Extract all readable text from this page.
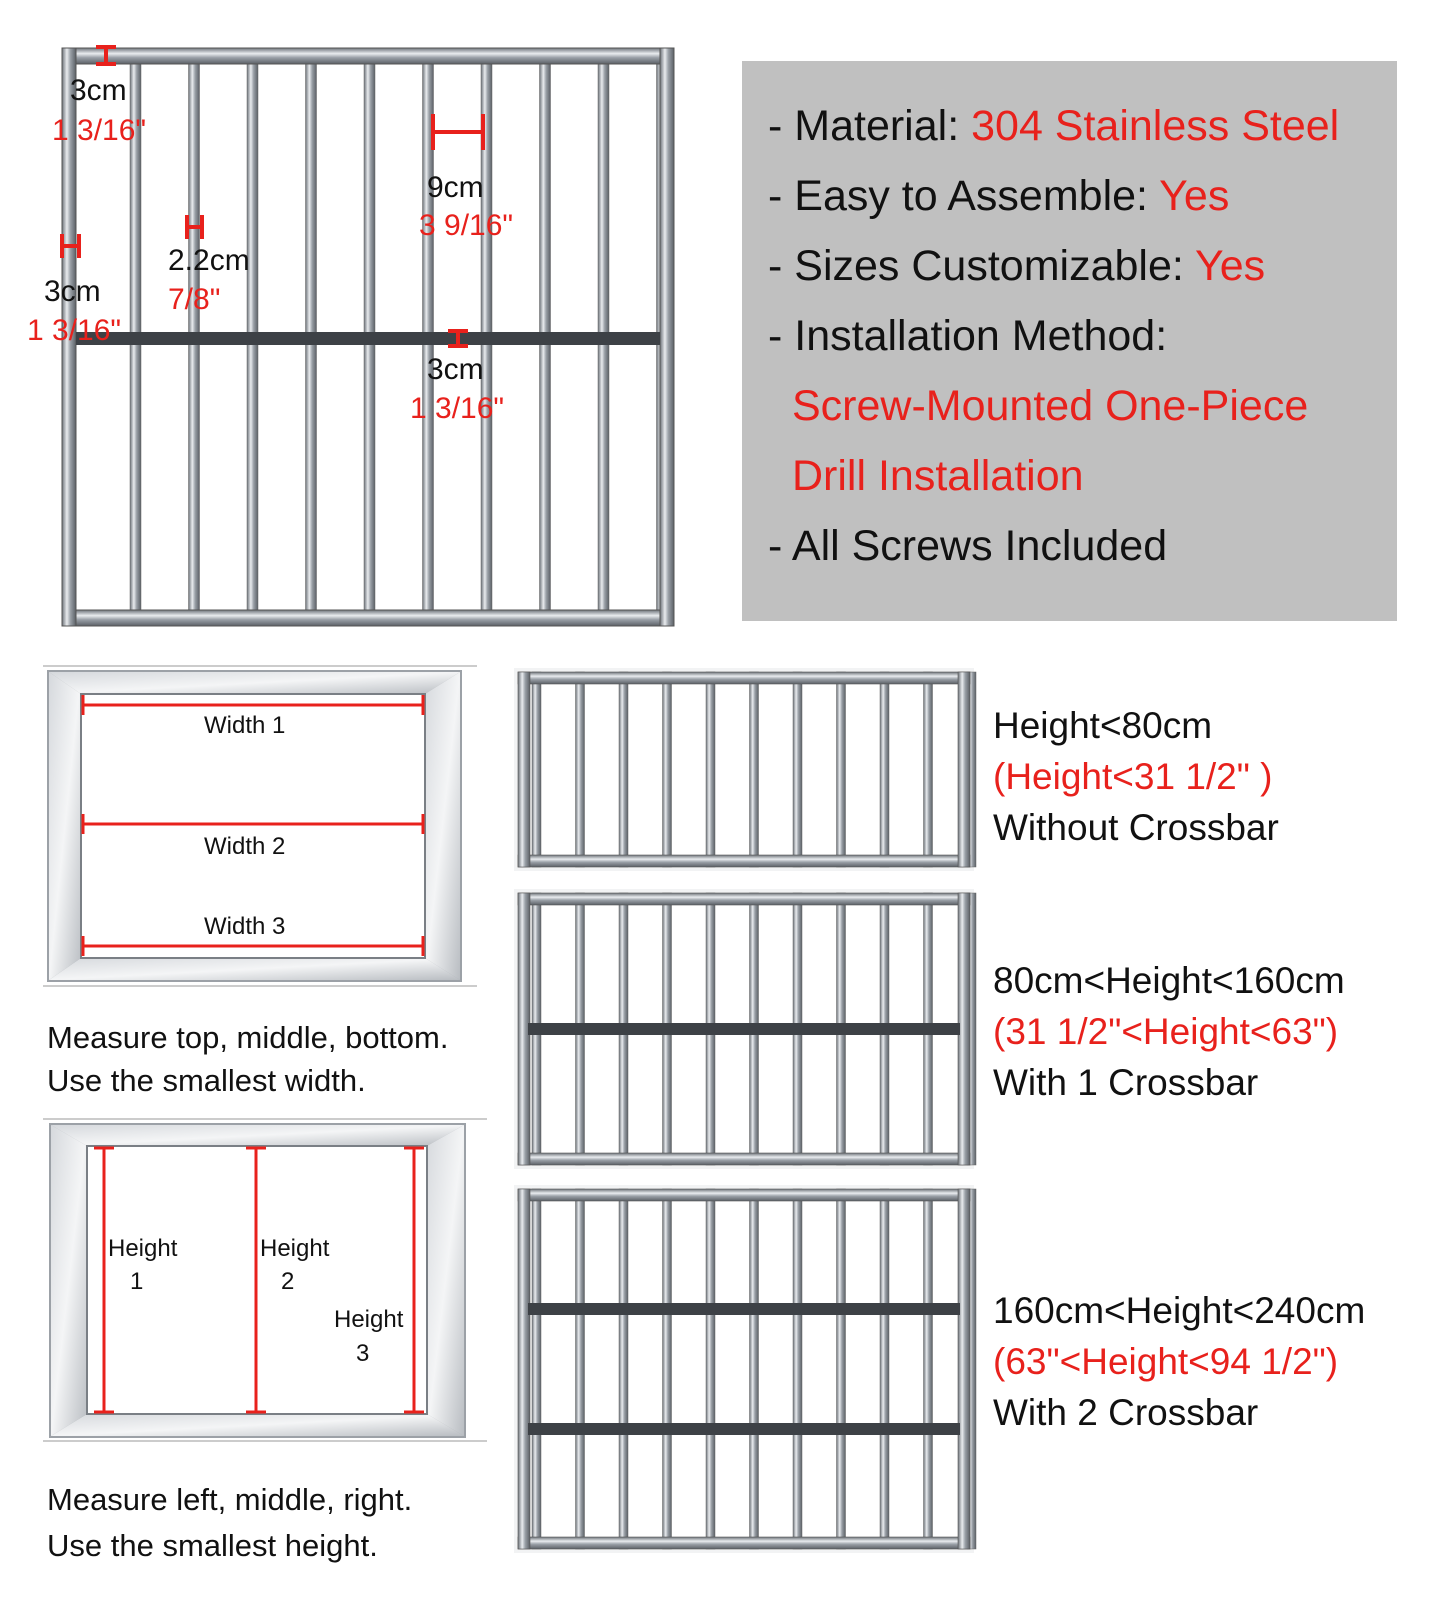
3cm
1 3/16"
9cm
3 9/16"
2.2cm
7/8"
3cm
1 3/16"
3cm
1 3/16"
- Material: 304 Stainless Steel
- Easy to Assemble: Yes
- Sizes Customizable: Yes
- Installation Method:
Screw-Mounted One-Piece
Drill Installation
- All Screws Included
Width 1
Width 2
Width 3
Measure top, middle, bottom.
Use the smallest width.
Height
1
Height
2
Height
3
Measure left, middle, right.
Use the smallest height.
Height<80cm
(Height<31 1/2" )
Without Crossbar
80cm<Height<160cm
(31 1/2"<Height<63")
With 1 Crossbar
160cm<Height<240cm
(63"<Height<94 1/2")
With 2 Crossbar
